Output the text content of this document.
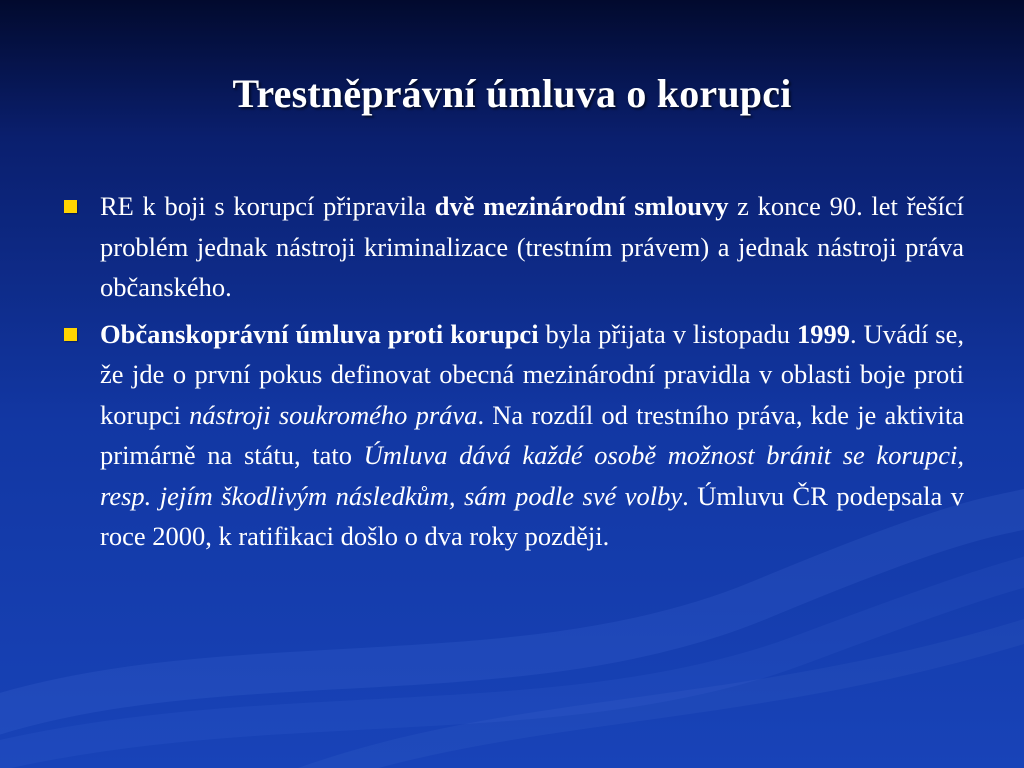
Trestněprávní úmluva o korupci
RE k boji s korupcí připravila dvě mezinárodní smlouvy z konce 90. let řešící problém jednak nástroji kriminalizace (trestním právem) a jednak nástroji práva občanského.
Občanskoprávní úmluva proti korupci byla přijata v listopadu 1999. Uvádí se, že jde o první pokus definovat obecná mezinárodní pravidla v oblasti boje proti korupci nástroji soukromého práva. Na rozdíl od trestního práva, kde je aktivita primárně na státu, tato Úmluva dává každé osobě možnost bránit se korupci, resp. jejím škodlivým následkům, sám podle své volby. Úmluvu ČR podepsala v roce 2000, k ratifikaci došlo o dva roky později.
